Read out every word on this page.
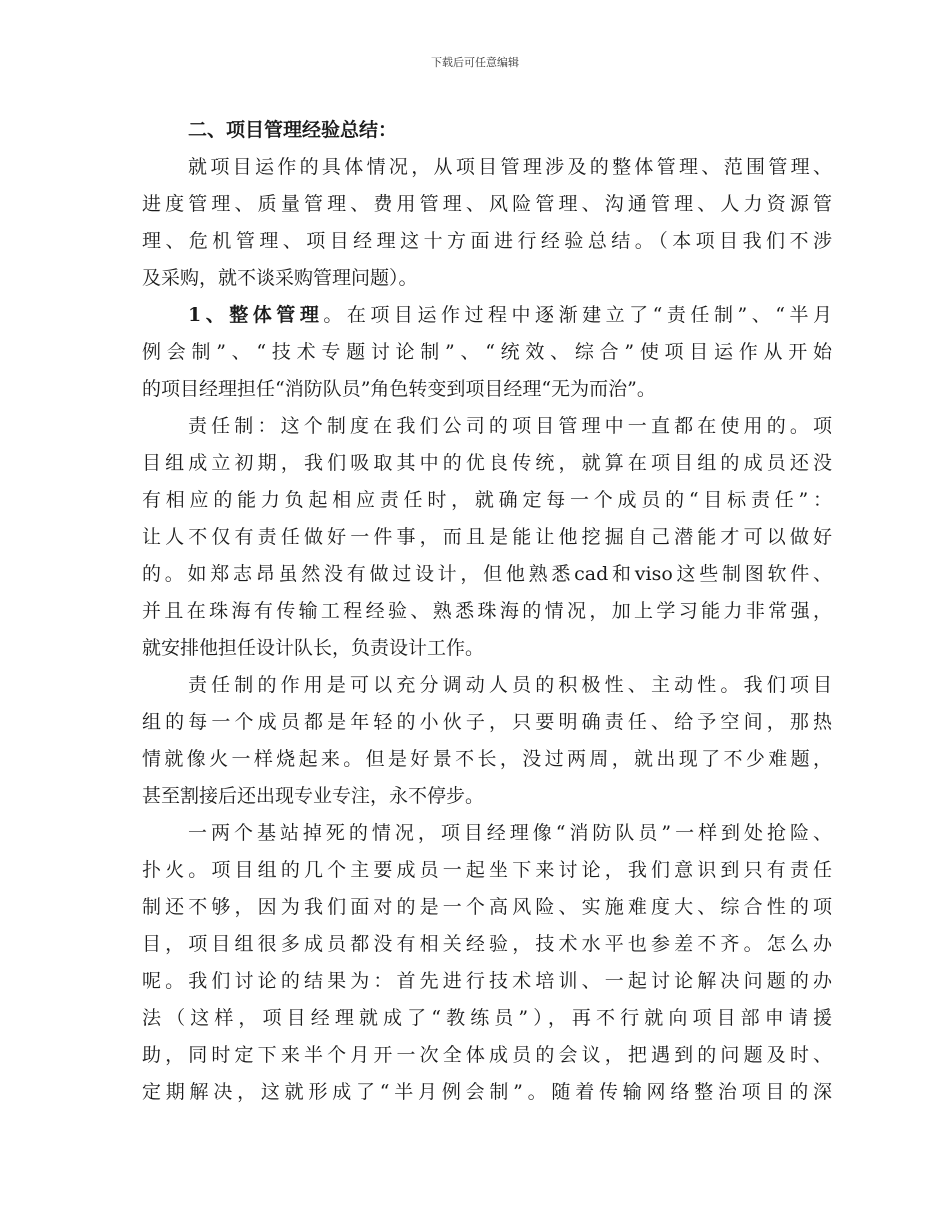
下载后可任意编辑
二、项目管理经验总结：
就项目运作的具体情况，从项目管理涉及的整体管理、范围管理、
进度管理、质量管理、费用管理、风险管理、沟通管理、人力资源管
理、危机管理、项目经理这十方面进行经验总结。（本项目我们不涉
及采购，就不谈采购管理问题）。
1、整体管理。在项目运作过程中逐渐建立了“责任制”、“半月
例会制”、“技术专题讨论制”、“统效、综合”使项目运作从开始
的项目经理担任“消防队员”角色转变到项目经理“无为而治”。
责任制：这个制度在我们公司的项目管理中一直都在使用的。项
目组成立初期，我们吸取其中的优良传统，就算在项目组的成员还没
有相应的能力负起相应责任时，就确定每一个成员的“目标责任”：
让人不仅有责任做好一件事，而且是能让他挖掘自己潜能才可以做好
的。如郑志昂虽然没有做过设计，但他熟悉cad和viso这些制图软件、
并且在珠海有传输工程经验、熟悉珠海的情况，加上学习能力非常强，
就安排他担任设计队长，负责设计工作。
责任制的作用是可以充分调动人员的积极性、主动性。我们项目
组的每一个成员都是年轻的小伙子，只要明确责任、给予空间，那热
情就像火一样烧起来。但是好景不长，没过两周，就出现了不少难题，
甚至割接后还出现专业专注，永不停步。
一两个基站掉死的情况，项目经理像“消防队员”一样到处抢险、
扑火。项目组的几个主要成员一起坐下来讨论，我们意识到只有责任
制还不够，因为我们面对的是一个高风险、实施难度大、综合性的项
目，项目组很多成员都没有相关经验，技术水平也参差不齐。怎么办
呢。我们讨论的结果为：首先进行技术培训、一起讨论解决问题的办
法（这样，项目经理就成了“教练员”），再不行就向项目部申请援
助，同时定下来半个月开一次全体成员的会议，把遇到的问题及时、
定期解决，这就形成了“半月例会制”。随着传输网络整治项目的深
